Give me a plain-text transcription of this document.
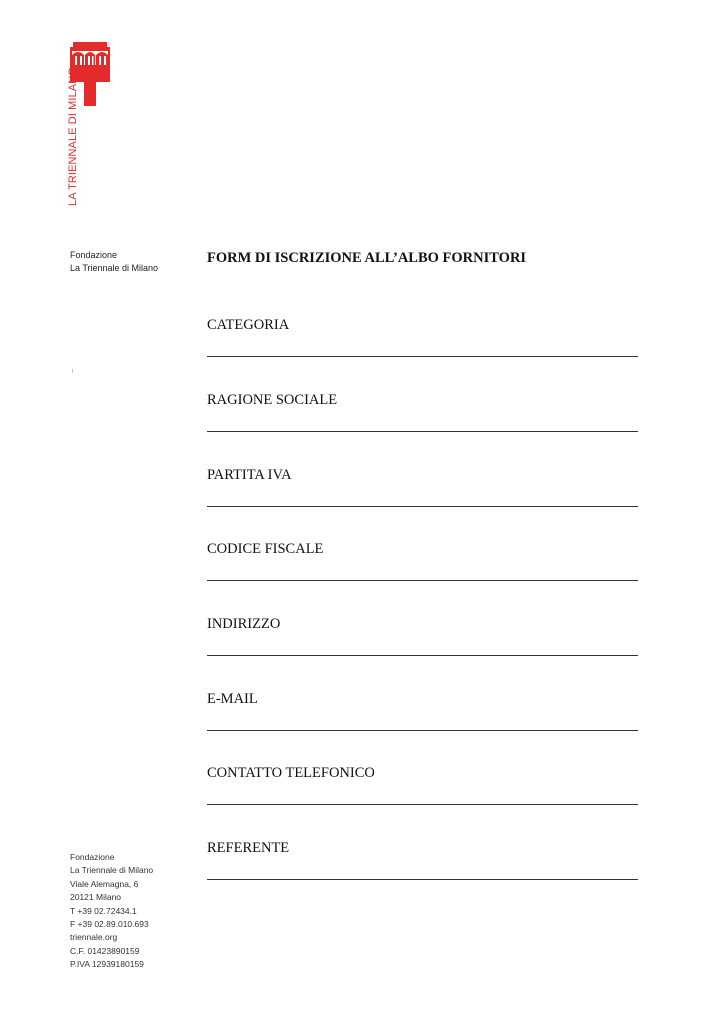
LA TRIENNALE DI MILANO
Fondazione
La Triennale di Milano
FORM DI ISCRIZIONE ALL’ALBO FORNITORI
CATEGORIA
RAGIONE SOCIALE
PARTITA IVA
CODICE FISCALE
INDIRIZZO
E-MAIL
CONTATTO TELEFONICO
REFERENTE
Fondazione
La Triennale di Milano
Viale Alemagna, 6
20121 Milano
T +39 02.72434.1
F +39 02.89.010.693
triennale.org
C.F. 01423890159
P.IVA 12939180159
